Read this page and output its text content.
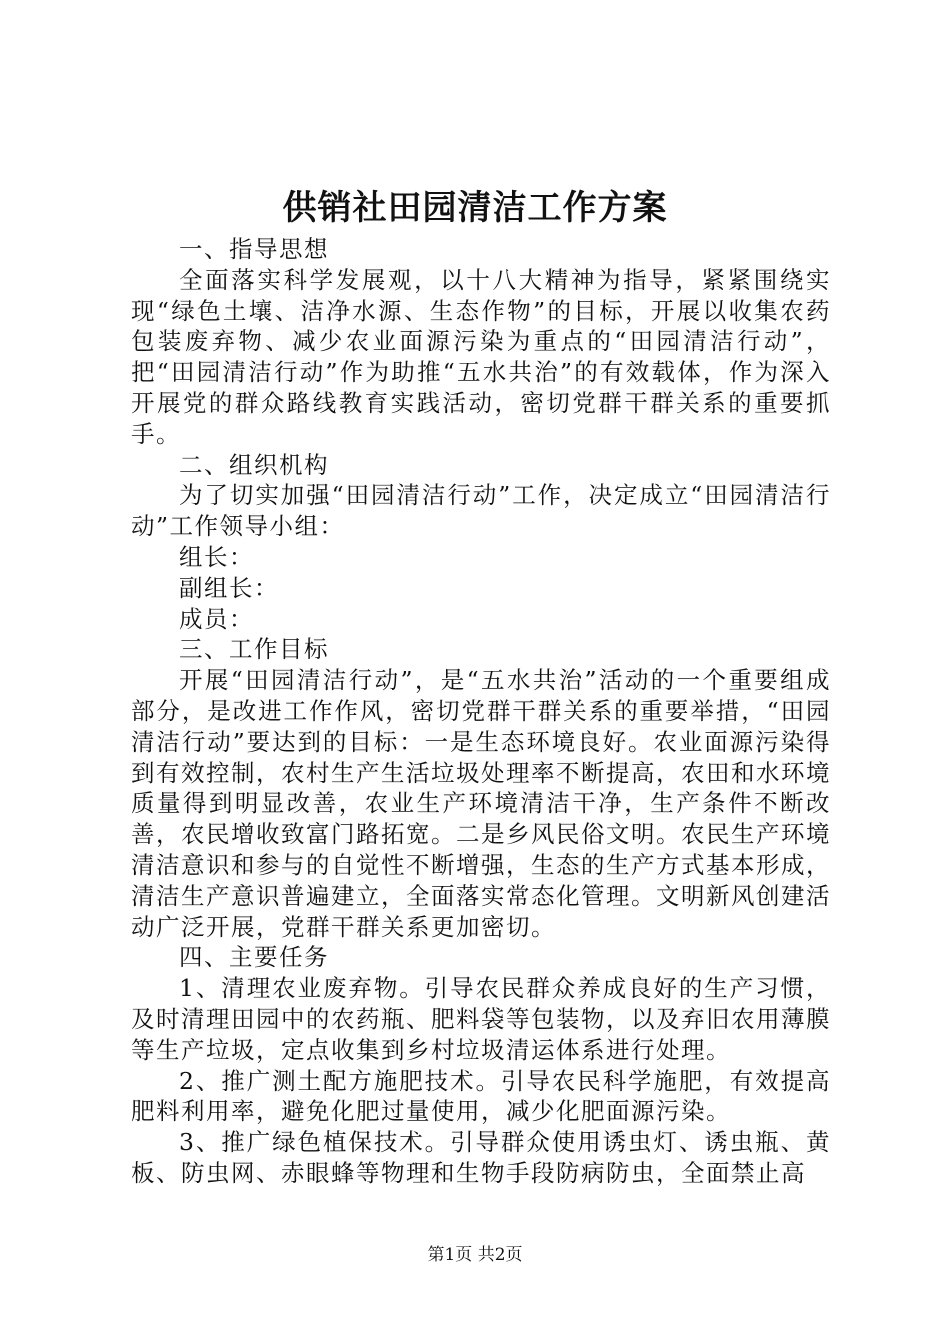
供销社田园清洁工作方案

一、指导思想

全面落实科学发展观，以十八大精神为指导，紧紧围绕实现“绿色土壤、洁净水源、生态作物”的目标，开展以收集农药包装废弃物、减少农业面源污染为重点的“田园清洁行动”，把“田园清洁行动”作为助推“五水共治”的有效载体，作为深入开展党的群众路线教育实践活动，密切党群干群关系的重要抓手。

二、组织机构

为了切实加强“田园清洁行动”工作，决定成立“田园清洁行动”工作领导小组：

组长：

副组长：

成员：

三、工作目标

开展“田园清洁行动”，是“五水共治”活动的一个重要组成部分，是改进工作作风，密切党群干群关系的重要举措，“田园清洁行动”要达到的目标：一是生态环境良好。农业面源污染得到有效控制，农村生产生活垃圾处理率不断提高，农田和水环境质量得到明显改善，农业生产环境清洁干净，生产条件不断改善，农民增收致富门路拓宽。二是乡风民俗文明。农民生产环境清洁意识和参与的自觉性不断增强，生态的生产方式基本形成，清洁生产意识普遍建立，全面落实常态化管理。文明新风创建活动广泛开展，党群干群关系更加密切。

四、主要任务

1、清理农业废弃物。引导农民群众养成良好的生产习惯，及时清理田园中的农药瓶、肥料袋等包装物，以及弃旧农用薄膜等生产垃圾，定点收集到乡村垃圾清运体系进行处理。

2、推广测土配方施肥技术。引导农民科学施肥，有效提高肥料利用率，避免化肥过量使用，减少化肥面源污染。

3、推广绿色植保技术。引导群众使用诱虫灯、诱虫瓶、黄板、防虫网、赤眼蜂等物理和生物手段防病防虫，全面禁止高

第1页 共2页
